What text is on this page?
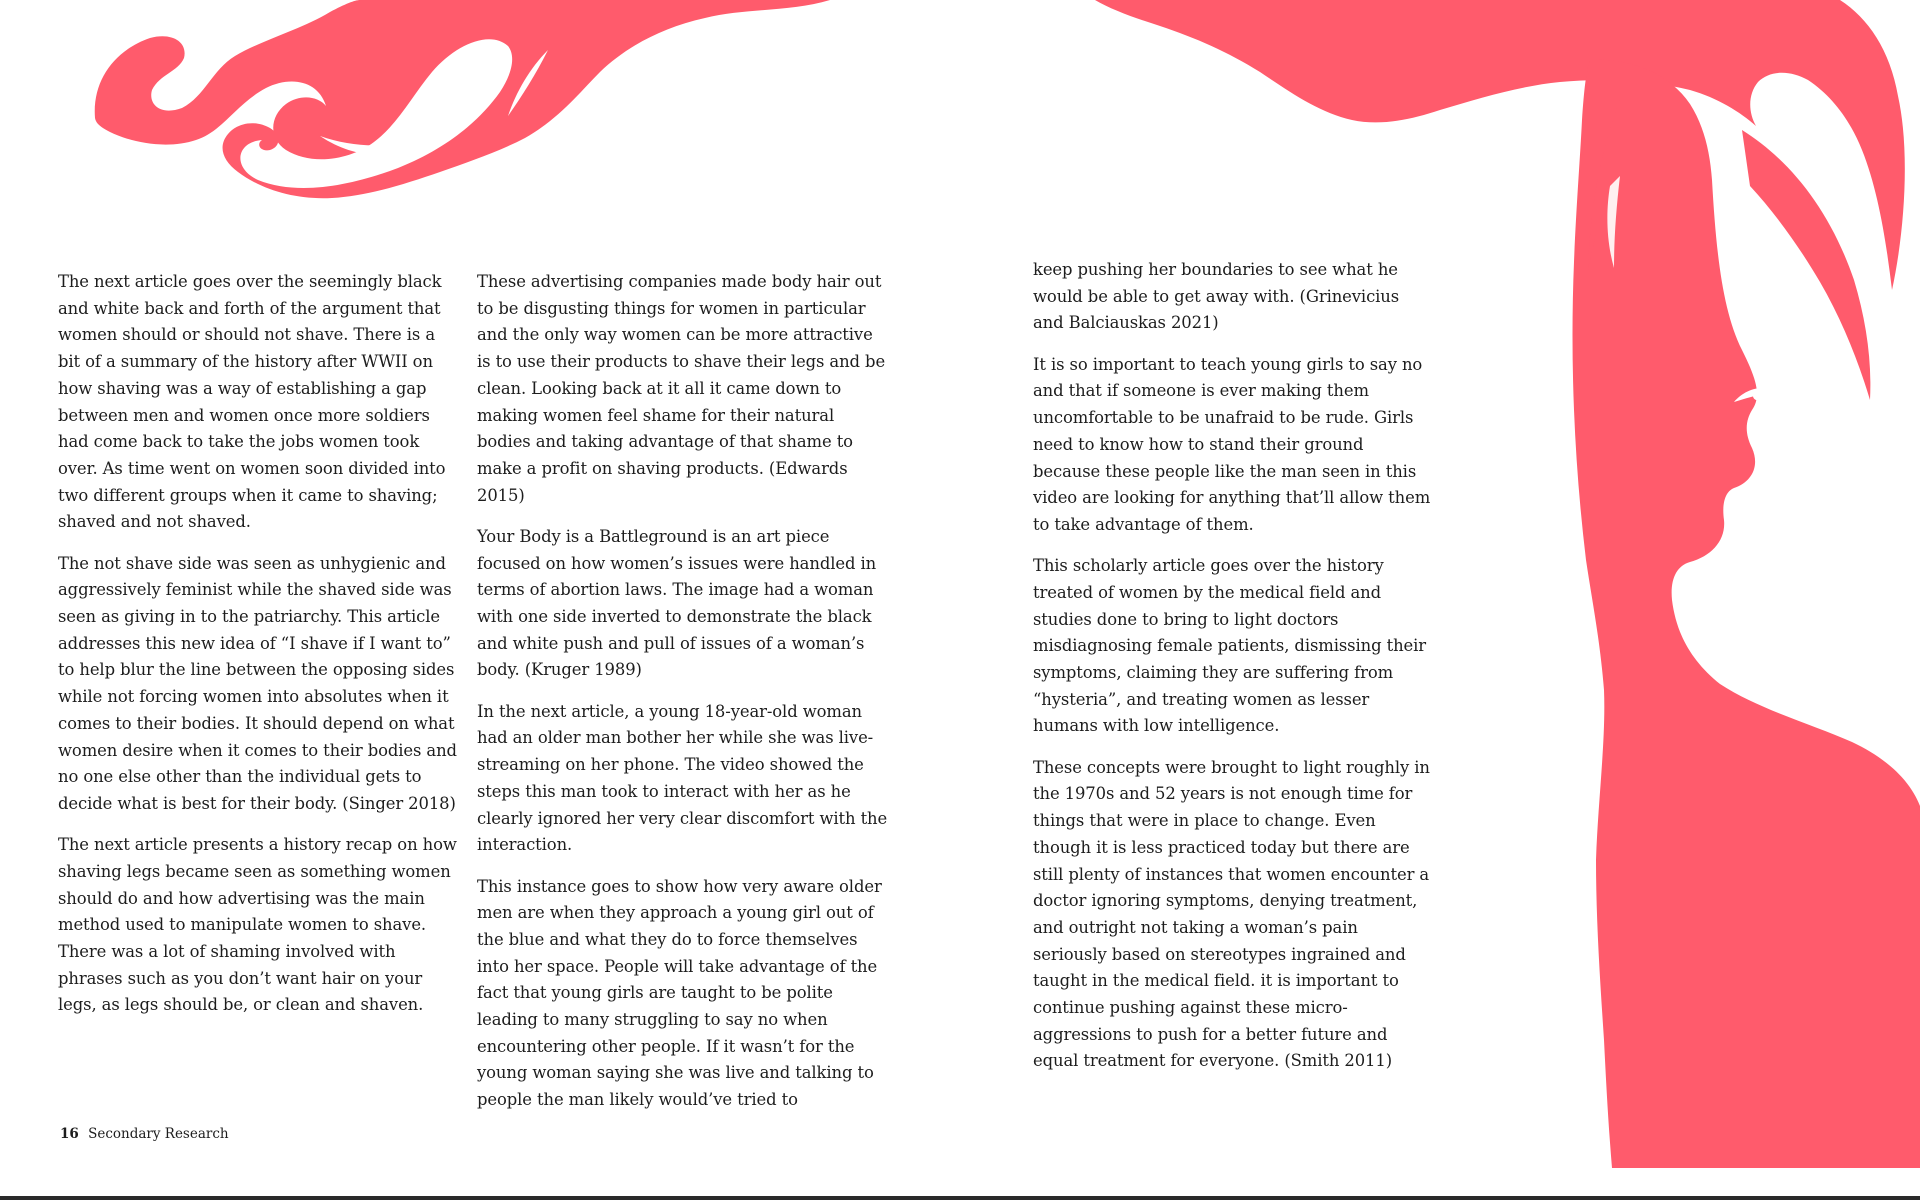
The next article goes over the seemingly black and white back and forth of the argument that women should or should not shave. There is a bit of a summary of the history after WWII on how shaving was a way of establishing a gap between men and women once more soldiers had come back to take the jobs women took over. As time went on women soon divided into two different groups when it came to shaving; shaved and not shaved.

The not shave side was seen as unhygienic and aggressively feminist while the shaved side was seen as giving in to the patriarchy. This article addresses this new idea of “I shave if I want to” to help blur the line between the opposing sides while not forcing women into absolutes when it comes to their bodies. It should depend on what women desire when it comes to their bodies and no one else other than the individual gets to decide what is best for their body. (Singer 2018)

The next article presents a history recap on how shaving legs became seen as something women should do and how advertising was the main method used to manipulate women to shave. There was a lot of shaming involved with phrases such as you don’t want hair on your legs, as legs should be, or clean and shaven.

These advertising companies made body hair out to be disgusting things for women in particular and the only way women can be more attractive is to use their products to shave their legs and be clean. Looking back at it all it came down to making women feel shame for their natural bodies and taking advantage of that shame to make a profit on shaving products. (Edwards 2015)

Your Body is a Battleground is an art piece focused on how women’s issues were handled in terms of abortion laws. The image had a woman with one side inverted to demonstrate the black and white push and pull of issues of a woman’s body. (Kruger 1989)

In the next article, a young 18-year-old woman had an older man bother her while she was live-streaming on her phone. The video showed the steps this man took to interact with her as he clearly ignored her very clear discomfort with the interaction.

This instance goes to show how very aware older men are when they approach a young girl out of the blue and what they do to force themselves into her space. People will take advantage of the fact that young girls are taught to be polite leading to many struggling to say no when encountering other people. If it wasn’t for the young woman saying she was live and talking to people the man likely would’ve tried to

keep pushing her boundaries to see what he would be able to get away with. (Grinevicius and Balciauskas 2021)

It is so important to teach young girls to say no and that if someone is ever making them uncomfortable to be unafraid to be rude. Girls need to know how to stand their ground because these people like the man seen in this video are looking for anything that’ll allow them to take advantage of them.

This scholarly article goes over the history treated of women by the medical field and studies done to bring to light doctors misdiagnosing female patients, dismissing their symptoms, claiming they are suffering from “hysteria”, and treating women as lesser humans with low intelligence.

These concepts were brought to light roughly in the 1970s and 52 years is not enough time for things that were in place to change. Even though it is less practiced today but there are still plenty of instances that women encounter a doctor ignoring symptoms, denying treatment, and outright not taking a woman’s pain seriously based on stereotypes ingrained and taught in the medical field. it is important to continue pushing against these micro-aggressions to push for a better future and equal treatment for everyone. (Smith 2011)

16 Secondary Research
